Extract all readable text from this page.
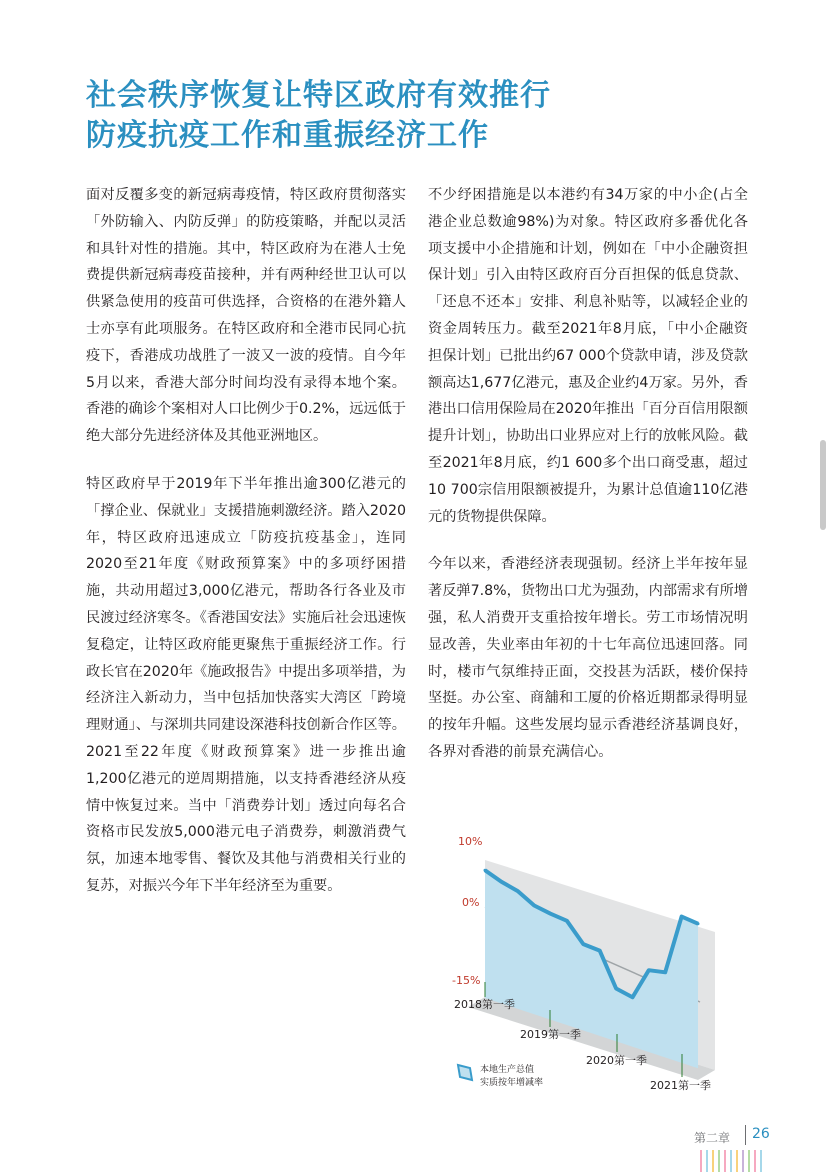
社会秩序恢复让特区政府有效推行
防疫抗疫工作和重振经济工作

面对反覆多变的新冠病毒疫情，特区政府贯彻落实「外防输入、内防反弹」的防疫策略，并配以灵活和具针对性的措施。其中，特区政府为在港人士免费提供新冠病毒疫苗接种，并有两种经世卫认可以供紧急使用的疫苗可供选择，合资格的在港外籍人士亦享有此项服务。在特区政府和全港市民同心抗疫下，香港成功战胜了一波又一波的疫情。自今年5月以来，香港大部分时间均没有录得本地个案。香港的确诊个案相对人口比例少于0.2%，远远低于绝大部分先进经济体及其他亚洲地区。

特区政府早于2019年下半年推出逾300亿港元的「撑企业、保就业」支援措施刺激经济。踏入2020年，特区政府迅速成立「防疫抗疫基金」，连同2020至21年度《财政预算案》中的多项纾困措施，共动用超过3,000亿港元，帮助各行各业及市民渡过经济寒冬。《香港国安法》实施后社会迅速恢复稳定，让特区政府能更聚焦于重振经济工作。行政长官在2020年《施政报告》中提出多项举措，为经济注入新动力，当中包括加快落实大湾区「跨境理财通」、与深圳共同建设深港科技创新合作区等。2021至22年度《财政预算案》进一步推出逾1,200亿港元的逆周期措施，以支持香港经济从疫情中恢复过来。当中「消费券计划」透过向每名合资格市民发放5,000港元电子消费券，刺激消费气氛，加速本地零售、餐饮及其他与消费相关行业的复苏，对振兴今年下半年经济至为重要。

不少纾困措施是以本港约有34万家的中小企(占全港企业总数逾98%)为对象。特区政府多番优化各项支援中小企措施和计划，例如在「中小企融资担保计划」引入由特区政府百分百担保的低息贷款、「还息不还本」安排、利息补贴等，以减轻企业的资金周转压力。截至2021年8月底，「中小企融资担保计划」已批出约67 000个贷款申请，涉及贷款额高达1,677亿港元，惠及企业约4万家。另外，香港出口信用保险局在2020年推出「百分百信用限额提升计划」，协助出口业界应对上行的放帐风险。截至2021年8月底，约1 600多个出口商受惠，超过10 700宗信用限额被提升，为累计总值逾110亿港元的货物提供保障。

今年以来，香港经济表现强韧。经济上半年按年显著反弹7.8%，货物出口尤为强劲，内部需求有所增强，私人消费开支重拾按年增长。劳工市场情况明显改善，失业率由年初的十七年高位迅速回落。同时，楼市气氛维持正面，交投甚为活跃，楼价保持坚挺。办公室、商舖和工厦的价格近期都录得明显的按年升幅。这些发展均显示香港经济基调良好，各界对香港的前景充满信心。

10%
0%
-15%
2018第一季
2019第一季
2020第一季
2021第一季
本地生产总值
实质按年增减率
第二章 26
